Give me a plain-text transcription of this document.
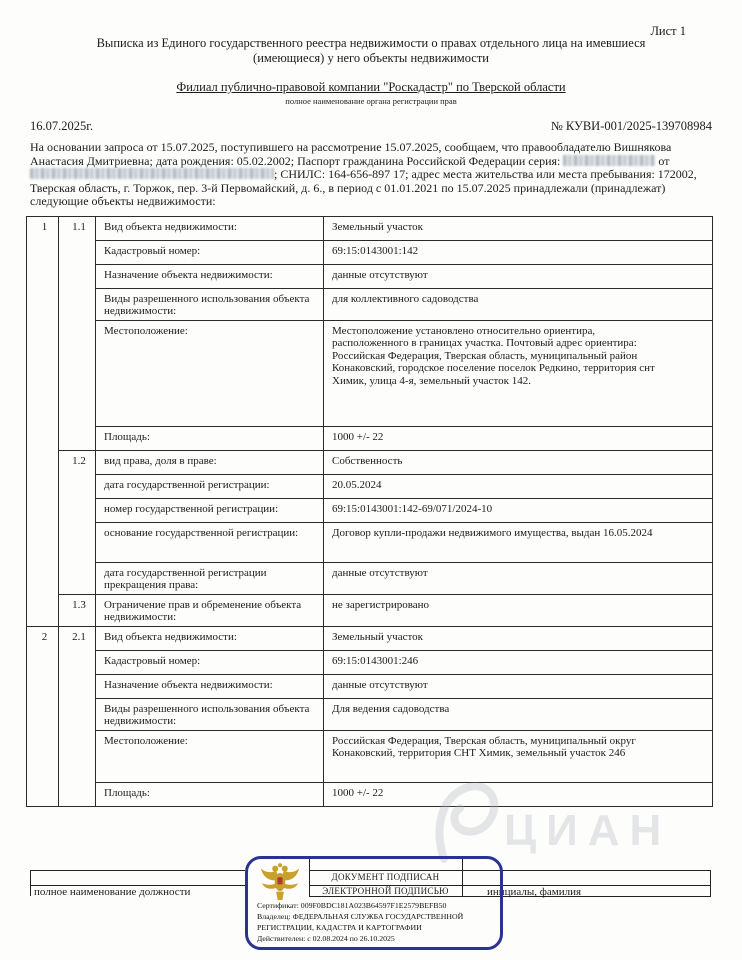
Лист 1
Выписка из Единого государственного реестра недвижимости о правах отдельного лица на имевшиеся (имеющиеся) у него объекты недвижимости
Филиал публично-правовой компании "Роскадастр" по Тверской области
полное наименование органа регистрации прав
16.07.2025г.	№ КУВИ-001/2025-139708984
На основании запроса от 15.07.2025, поступившего на рассмотрение 15.07.2025, сообщаем, что правообладателю Вишнякова Анастасия Дмитриевна; дата рождения: 05.02.2002; Паспорт гражданина Российской Федерации серия:	от ; СНИЛС: 164-656-897 17; адрес места жительства или места пребывания: 172002, Тверская область, г. Торжок, пер. 3-й Первомайский, д. 6., в период с 01.01.2021 по 15.07.2025 принадлежали (принадлежат) следующие объекты недвижимости:
1	1.1	Вид объекта недвижимости:	Земельный участок
		Кадастровый номер:	69:15:0143001:142
		Назначение объекта недвижимости:	данные отсутствуют
		Виды разрешенного использования объекта недвижимости:	для коллективного садоводства
		Местоположение:	Местоположение установлено относительно ориентира, расположенного в границах участка. Почтовый адрес ориентира: Российская Федерация, Тверская область, муниципальный район Конаковский, городское поселение поселок Редкино, территория снт Химик, улица 4-я, земельный участок 142.

		Площадь:	1000 +/- 22
	1.2	вид права, доля в праве:	Собственность
		дата государственной регистрации:	20.05.2024
		номер государственной регистрации:	69:15:0143001:142-69/071/2024-10
		основание государственной регистрации:	Договор купли-продажи недвижимого имущества, выдан 16.05.2024

		дата государственной регистрации прекращения права:	данные отсутствуют
	1.3	Ограничение прав и обременение объекта недвижимости:	не зарегистрировано
2	2.1	Вид объекта недвижимости:	Земельный участок
		Кадастровый номер:	69:15:0143001:246
		Назначение объекта недвижимости:	данные отсутствуют
		Виды разрешенного использования объекта недвижимости:	Для ведения садоводства
		Местоположение:	Российская Федерация, Тверская область, муниципальный округ Конаковский, территория СНТ Химик, земельный участок 246

		Площадь:	1000 +/- 22
ЦИАН
полное наименование должности	инициалы, фамилия
ДОКУМЕНТ ПОДПИСАН
ЭЛЕКТРОННОЙ ПОДПИСЬЮ
Сертификат: 009F0BDC181A023B64597F1E2579BEFB50
Владелец: ФЕДЕРАЛЬНАЯ СЛУЖБА ГОСУДАРСТВЕННОЙ
РЕГИСТРАЦИИ, КАДАСТРА И КАРТОГРАФИИ
Действителен: с 02.08.2024 по 26.10.2025
